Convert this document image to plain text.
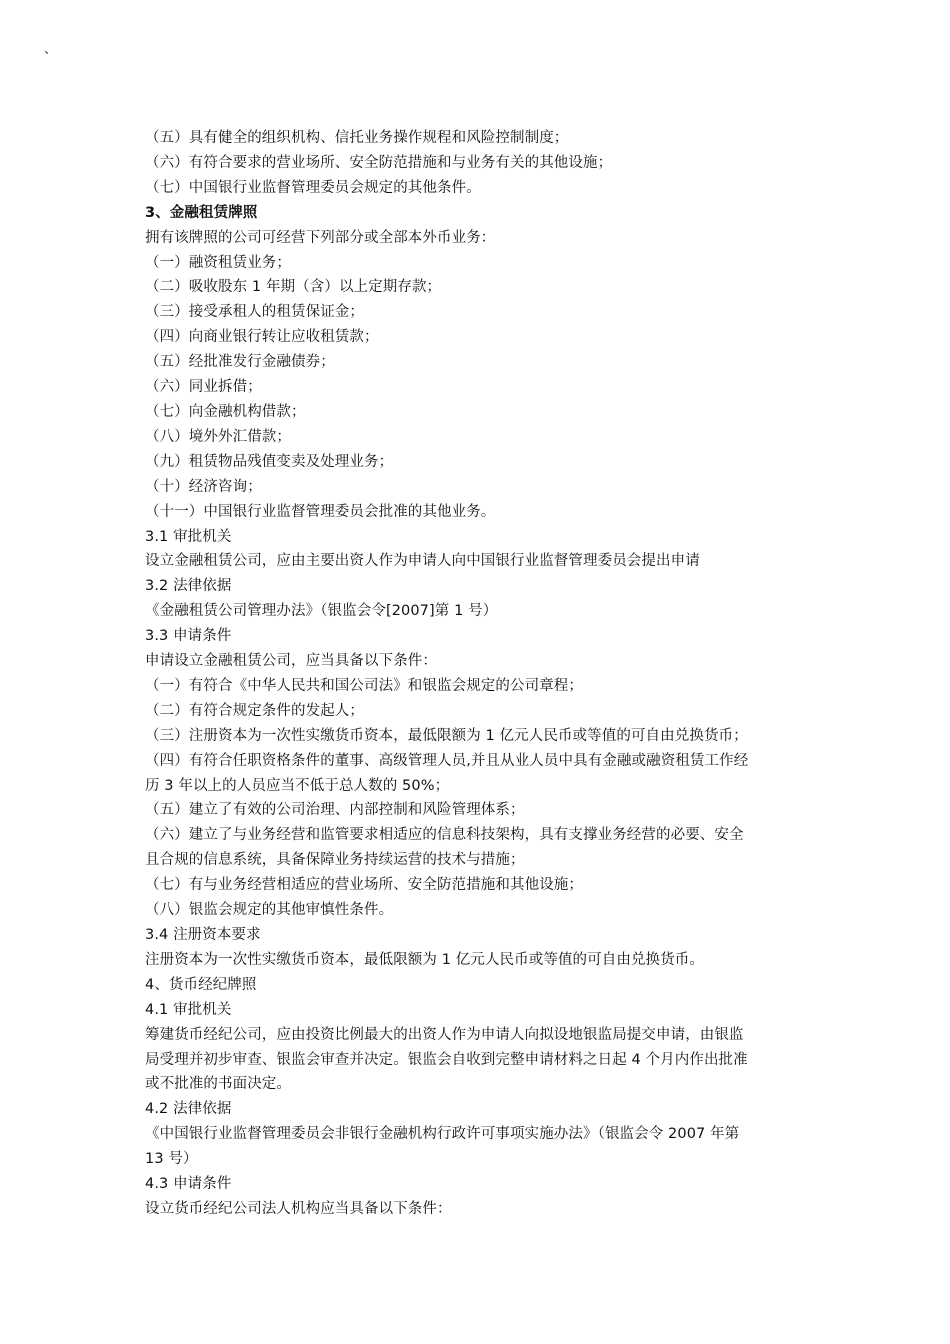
、
（五）具有健全的组织机构、信托业务操作规程和风险控制制度；
（六）有符合要求的营业场所、安全防范措施和与业务有关的其他设施；
（七）中国银行业监督管理委员会规定的其他条件。
3、金融租赁牌照
拥有该牌照的公司可经营下列部分或全部本外币业务：
（一）融资租赁业务；
（二）吸收股东 1 年期（含）以上定期存款；
（三）接受承租人的租赁保证金；
（四）向商业银行转让应收租赁款；
（五）经批准发行金融债券；
（六）同业拆借；
（七）向金融机构借款；
（八）境外外汇借款；
（九）租赁物品残值变卖及处理业务；
（十）经济咨询；
（十一）中国银行业监督管理委员会批准的其他业务。
3.1 审批机关
设立金融租赁公司，应由主要出资人作为申请人向中国银行业监督管理委员会提出申请
3.2 法律依据
《金融租赁公司管理办法》（银监会令[2007]第 1 号）
3.3 申请条件
申请设立金融租赁公司，应当具备以下条件：
（一）有符合《中华人民共和国公司法》和银监会规定的公司章程；
（二）有符合规定条件的发起人；
（三）注册资本为一次性实缴货币资本，最低限额为 1 亿元人民币或等值的可自由兑换货币；
（四）有符合任职资格条件的董事、高级管理人员,并且从业人员中具有金融或融资租赁工作经
历 3 年以上的人员应当不低于总人数的 50%；
（五）建立了有效的公司治理、内部控制和风险管理体系；
（六）建立了与业务经营和监管要求相适应的信息科技架构，具有支撑业务经营的必要、安全
且合规的信息系统，具备保障业务持续运营的技术与措施；
（七）有与业务经营相适应的营业场所、安全防范措施和其他设施；
（八）银监会规定的其他审慎性条件。
3.4 注册资本要求
注册资本为一次性实缴货币资本，最低限额为 1 亿元人民币或等值的可自由兑换货币。
4、货币经纪牌照
4.1 审批机关
筹建货币经纪公司，应由投资比例最大的出资人作为申请人向拟设地银监局提交申请，由银监
局受理并初步审查、银监会审查并决定。银监会自收到完整申请材料之日起 4 个月内作出批准
或不批准的书面决定。
4.2 法律依据
《中国银行业监督管理委员会非银行金融机构行政许可事项实施办法》（银监会令 2007 年第
13 号）
4.3 申请条件
设立货币经纪公司法人机构应当具备以下条件：
